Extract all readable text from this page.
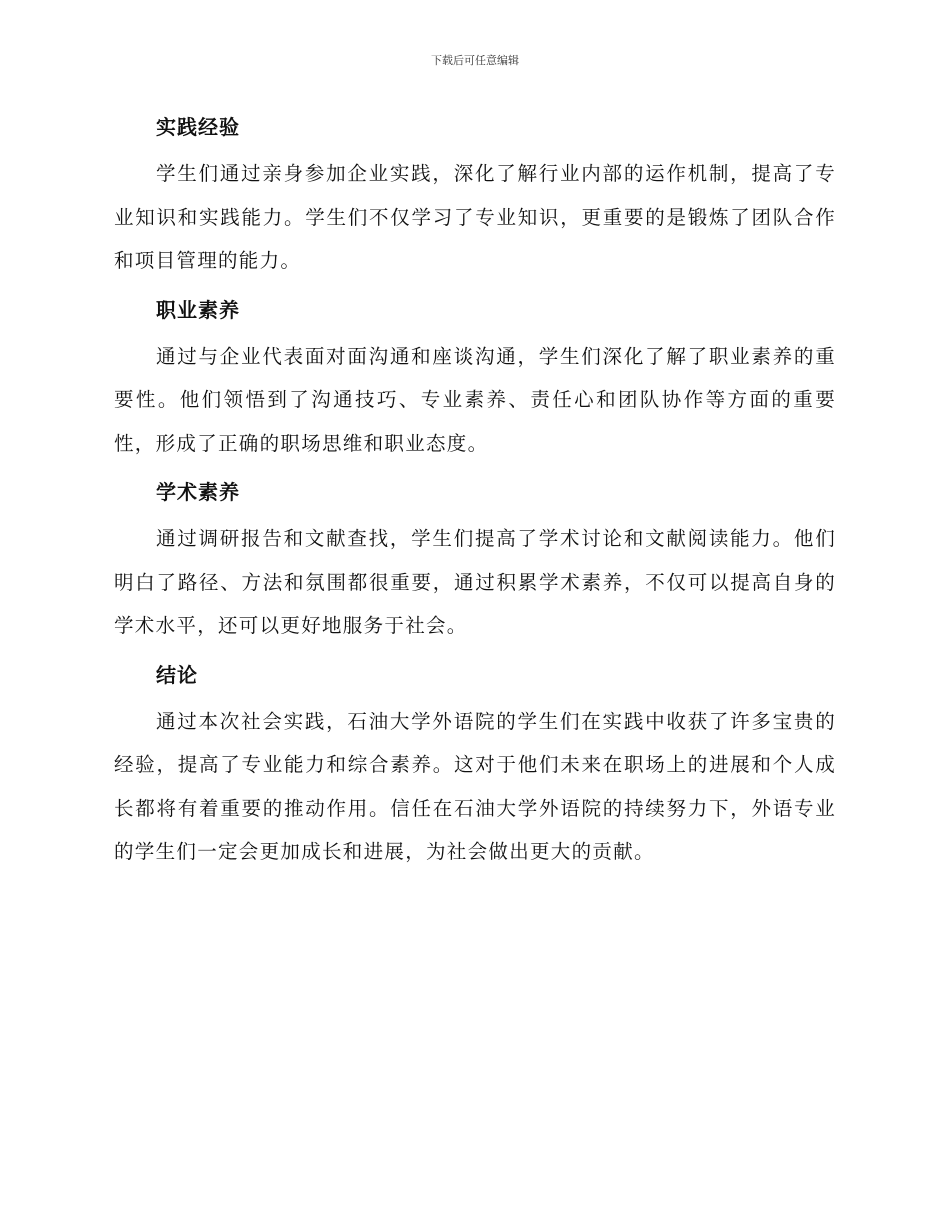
下载后可任意编辑
实践经验

学生们通过亲身参加企业实践，深化了解行业内部的运作机制，提高了专业知识和实践能力。学生们不仅学习了专业知识，更重要的是锻炼了团队合作和项目管理的能力。

职业素养

通过与企业代表面对面沟通和座谈沟通，学生们深化了解了职业素养的重要性。他们领悟到了沟通技巧、专业素养、责任心和团队协作等方面的重要性，形成了正确的职场思维和职业态度。

学术素养

通过调研报告和文献查找，学生们提高了学术讨论和文献阅读能力。他们明白了路径、方法和氛围都很重要，通过积累学术素养，不仅可以提高自身的学术水平，还可以更好地服务于社会。

结论

通过本次社会实践，石油大学外语院的学生们在实践中收获了许多宝贵的经验，提高了专业能力和综合素养。这对于他们未来在职场上的进展和个人成长都将有着重要的推动作用。信任在石油大学外语院的持续努力下，外语专业的学生们一定会更加成长和进展，为社会做出更大的贡献。
